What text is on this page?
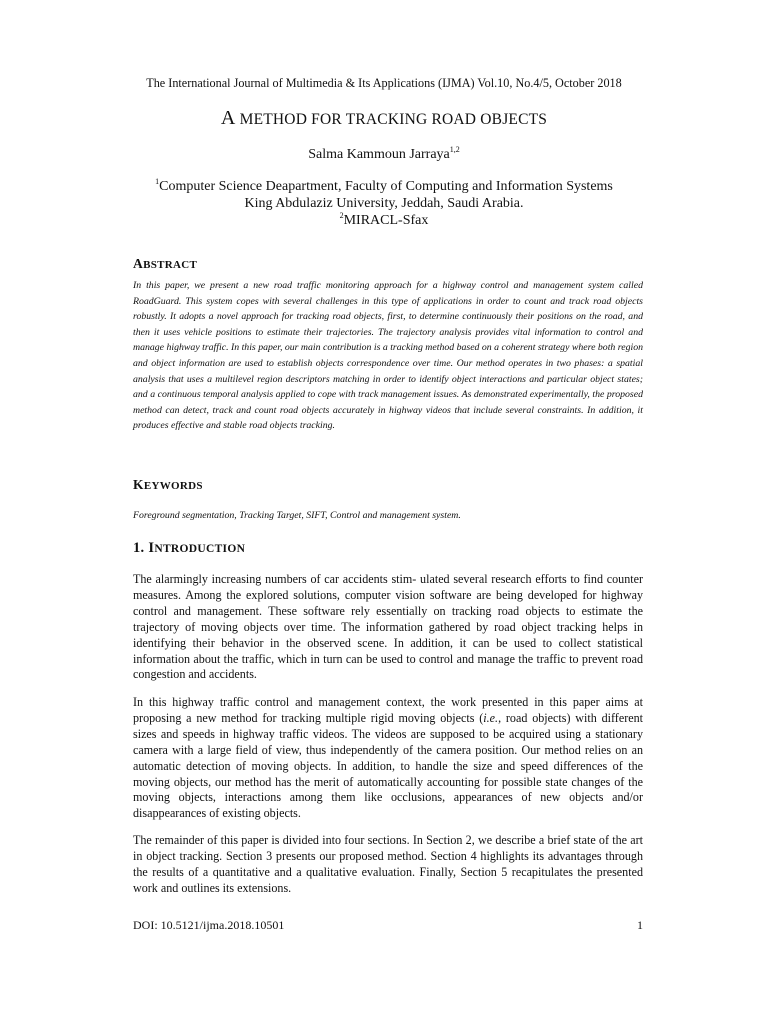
The International Journal of Multimedia & Its Applications (IJMA) Vol.10, No.4/5, October 2018
A METHOD FOR TRACKING ROAD OBJECTS
Salma Kammoun Jarraya$^{1,2}$
$^1$Computer Science Deapartment, Faculty of Computing and Information Systems
King Abdulaziz University, Jeddah, Saudi Arabia.
$^2$MIRACL-Sfax
ABSTRACT
In this paper, we present a new road traffic monitoring approach for a highway control and management system called RoadGuard. This system copes with several challenges in this type of applications in order to count and track road objects robustly. It adopts a novel approach for tracking road objects, first, to determine continuously their positions on the road, and then it uses vehicle positions to estimate their trajectories. The trajectory analysis provides vital information to control and manage highway traffic. In this paper, our main contribution is a tracking method based on a coherent strategy where both region and object information are used to establish objects correspondence over time. Our method operates in two phases: a spatial analysis that uses a multilevel region descriptors matching in order to identify object interactions and particular object states; and a continuous temporal analysis applied to cope with track management issues. As demonstrated experimentally, the proposed method can detect, track and count road objects accurately in highway videos that include several constraints. In addition, it produces effective and stable road objects tracking.
KEYWORDS
Foreground segmentation, Tracking Target, SIFT, Control and management system.
1. INTRODUCTION
The alarmingly increasing numbers of car accidents stim- ulated several research efforts to find counter measures. Among the explored solutions, computer vision software are being developed for highway control and management. These software rely essentially on tracking road objects to estimate the trajectory of moving objects over time. The information gathered by road object tracking helps in identifying their behavior in the observed scene. In addition, it can be used to collect statistical information about the traffic, which in turn can be used to control and manage the traffic to prevent road congestion and accidents.
In this highway traffic control and management context, the work presented in this paper aims at proposing a new method for tracking multiple rigid moving objects (i.e., road objects) with different sizes and speeds in highway traffic videos. The videos are supposed to be acquired using a stationary camera with a large field of view, thus independently of the camera position. Our method relies on an automatic detection of moving objects. In addition, to handle the size and speed differences of the moving objects, our method has the merit of automatically accounting for possible state changes of the moving objects, interactions among them like occlusions, appearances of new objects and/or disappearances of existing objects.
The remainder of this paper is divided into four sections. In Section 2, we describe a brief state of the art in object tracking. Section 3 presents our proposed method. Section 4 highlights its advantages through the results of a quantitative and a qualitative evaluation. Finally, Section 5 recapitulates the presented work and outlines its extensions.
DOI: 10.5121/ijma.2018.10501	1
